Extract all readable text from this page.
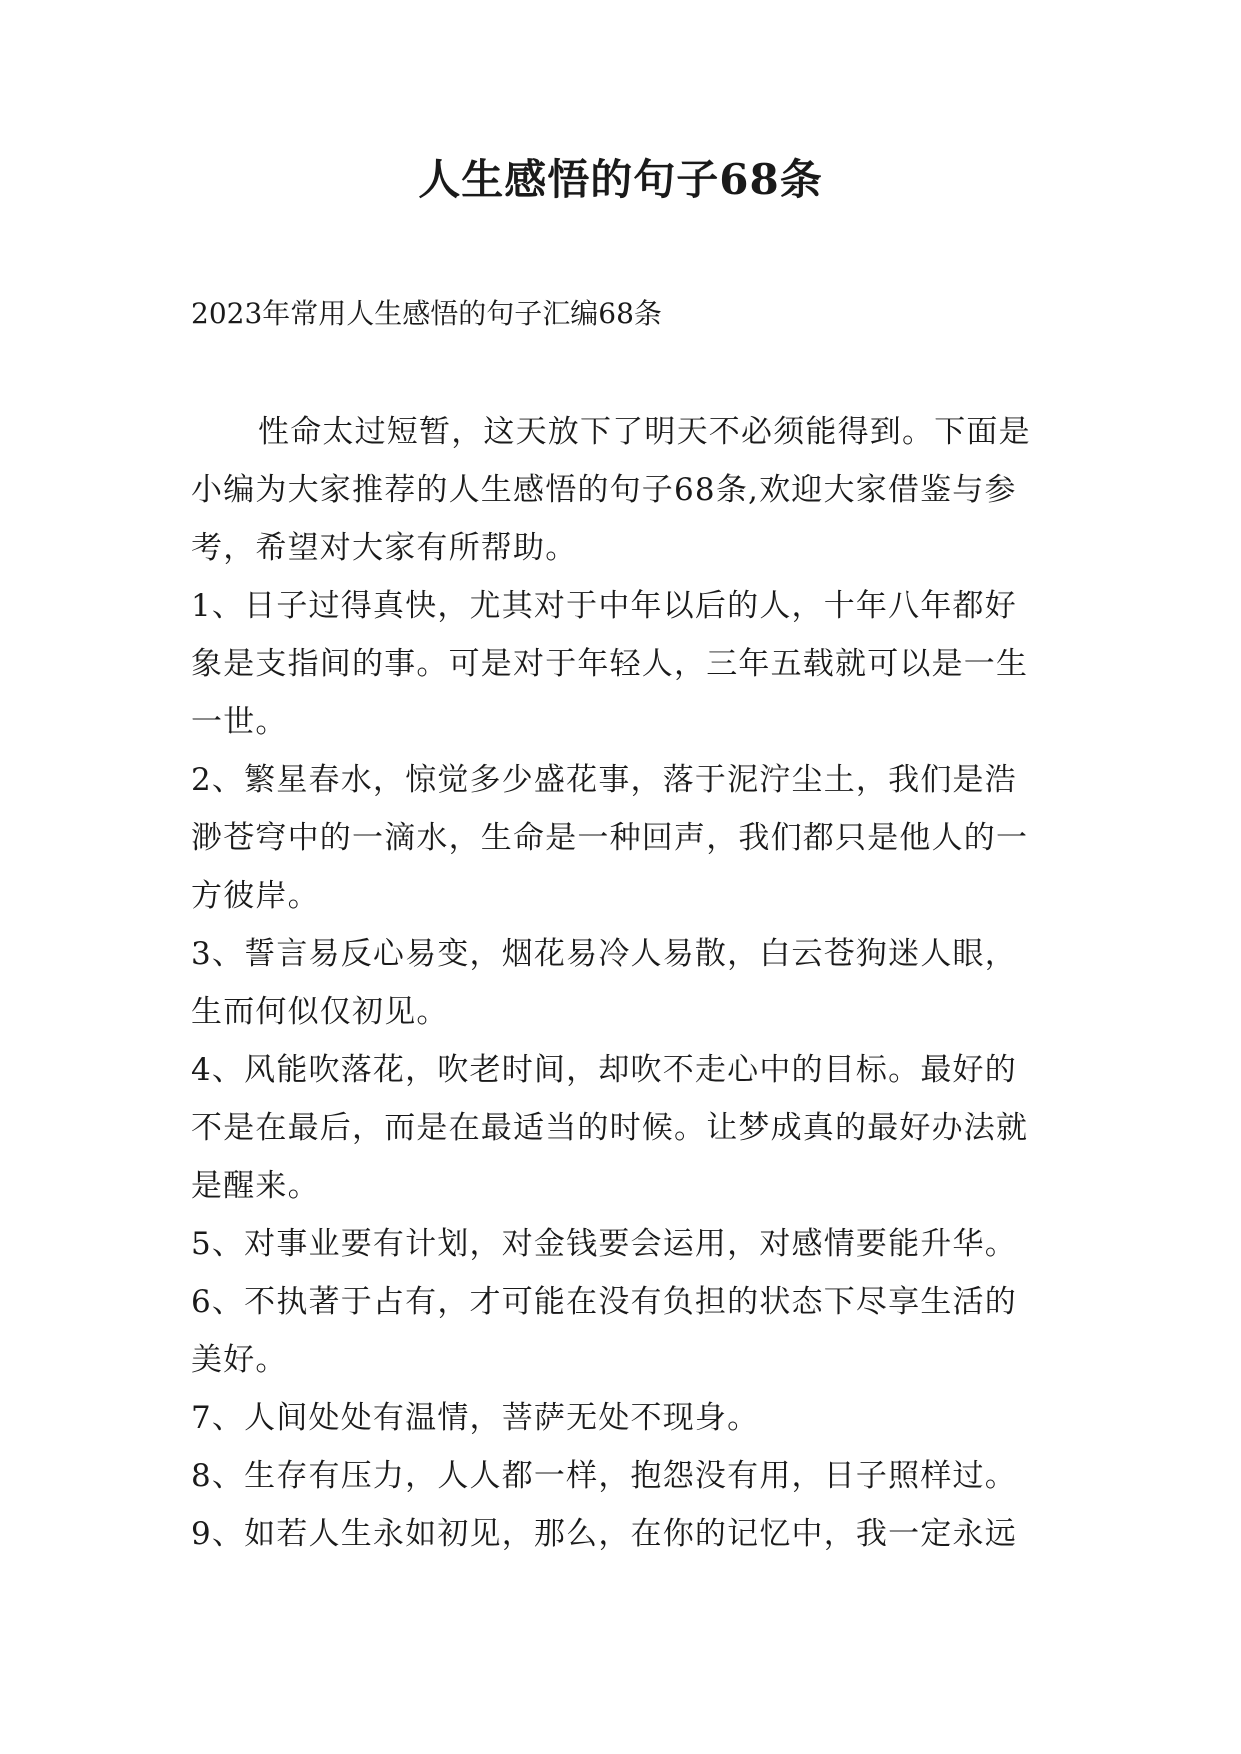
人生感悟的句子68条
2023年常用人生感悟的句子汇编68条
性命太过短暂，这天放下了明天不必须能得到。下面是
小编为大家推荐的人生感悟的句子68条,欢迎大家借鉴与参
考，希望对大家有所帮助。
1、日子过得真快，尤其对于中年以后的人，十年八年都好
象是支指间的事。可是对于年轻人，三年五载就可以是一生
一世。
2、繁星春水，惊觉多少盛花事，落于泥泞尘土，我们是浩
渺苍穹中的一滴水，生命是一种回声，我们都只是他人的一
方彼岸。
3、誓言易反心易变，烟花易冷人易散，白云苍狗迷人眼，
生而何似仅初见。
4、风能吹落花，吹老时间，却吹不走心中的目标。最好的
不是在最后，而是在最适当的时候。让梦成真的最好办法就
是醒来。
5、对事业要有计划，对金钱要会运用，对感情要能升华。
6、不执著于占有，才可能在没有负担的状态下尽享生活的
美好。
7、人间处处有温情，菩萨无处不现身。
8、生存有压力，人人都一样，抱怨没有用，日子照样过。
9、如若人生永如初见，那么，在你的记忆中，我一定永远
